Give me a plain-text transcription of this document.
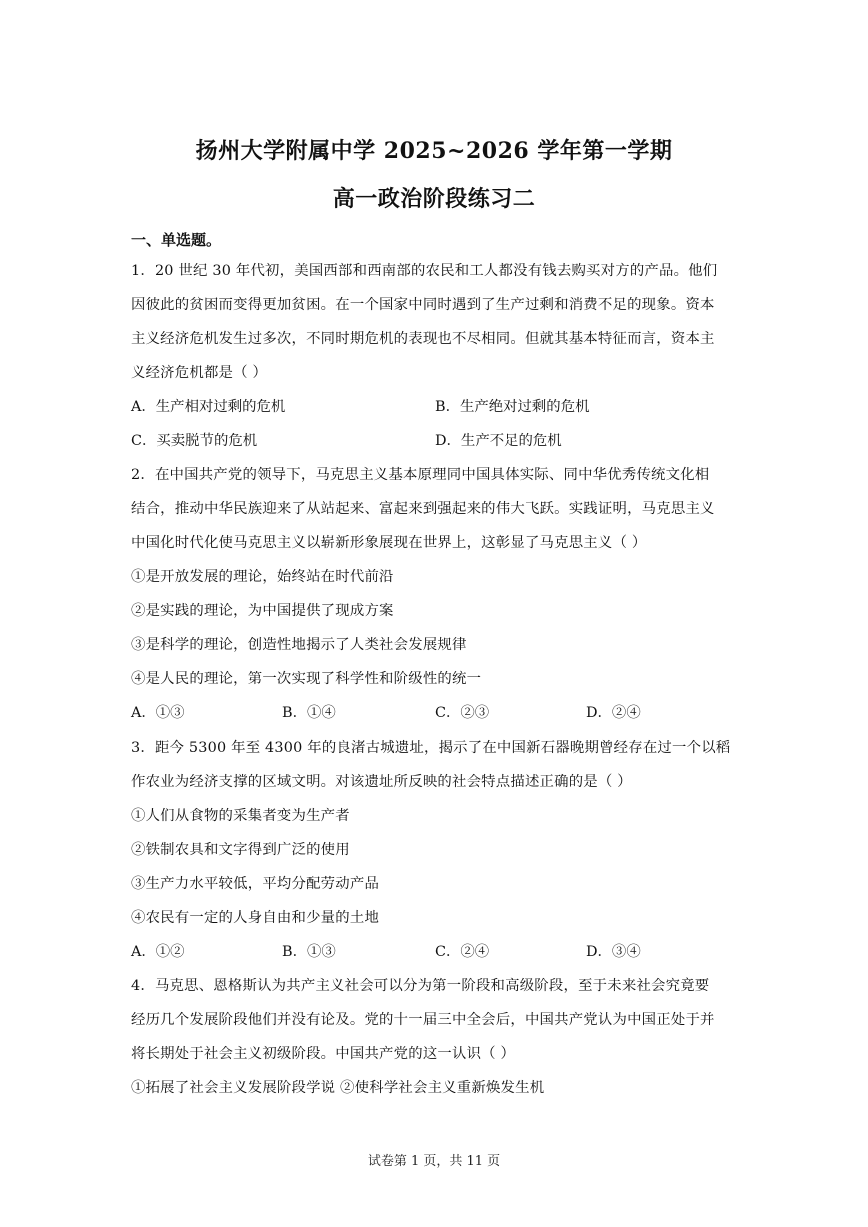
扬州大学附属中学 2025~2026 学年第一学期
高一政治阶段练习二
一、单选题。
1．20 世纪 30 年代初，美国西部和西南部的农民和工人都没有钱去购买对方的产品。他们
因彼此的贫困而变得更加贫困。在一个国家中同时遇到了生产过剩和消费不足的现象。资本
主义经济危机发生过多次，不同时期危机的表现也不尽相同。但就其基本特征而言，资本主
义经济危机都是（ ）
A．生产相对过剩的危机	B．生产绝对过剩的危机
C．买卖脱节的危机	D．生产不足的危机
2．在中国共产党的领导下，马克思主义基本原理同中国具体实际、同中华优秀传统文化相
结合，推动中华民族迎来了从站起来、富起来到强起来的伟大飞跃。实践证明，马克思主义
中国化时代化使马克思主义以崭新形象展现在世界上，这彰显了马克思主义（ ）
①是开放发展的理论，始终站在时代前沿
②是实践的理论，为中国提供了现成方案
③是科学的理论，创造性地揭示了人类社会发展规律
④是人民的理论，第一次实现了科学性和阶级性的统一
A．①③	B．①④	C．②③	D．②④
3．距今 5300 年至 4300 年的良渚古城遗址，揭示了在中国新石器晚期曾经存在过一个以稻
作农业为经济支撑的区域文明。对该遗址所反映的社会特点描述正确的是（ ）
①人们从食物的采集者变为生产者
②铁制农具和文字得到广泛的使用
③生产力水平较低，平均分配劳动产品
④农民有一定的人身自由和少量的土地
A．①②	B．①③	C．②④	D．③④
4．马克思、恩格斯认为共产主义社会可以分为第一阶段和高级阶段，至于未来社会究竟要
经历几个发展阶段他们并没有论及。党的十一届三中全会后，中国共产党认为中国正处于并
将长期处于社会主义初级阶段。中国共产党的这一认识（ ）
①拓展了社会主义发展阶段学说 ②使科学社会主义重新焕发生机
试卷第 1 页，共 11 页
